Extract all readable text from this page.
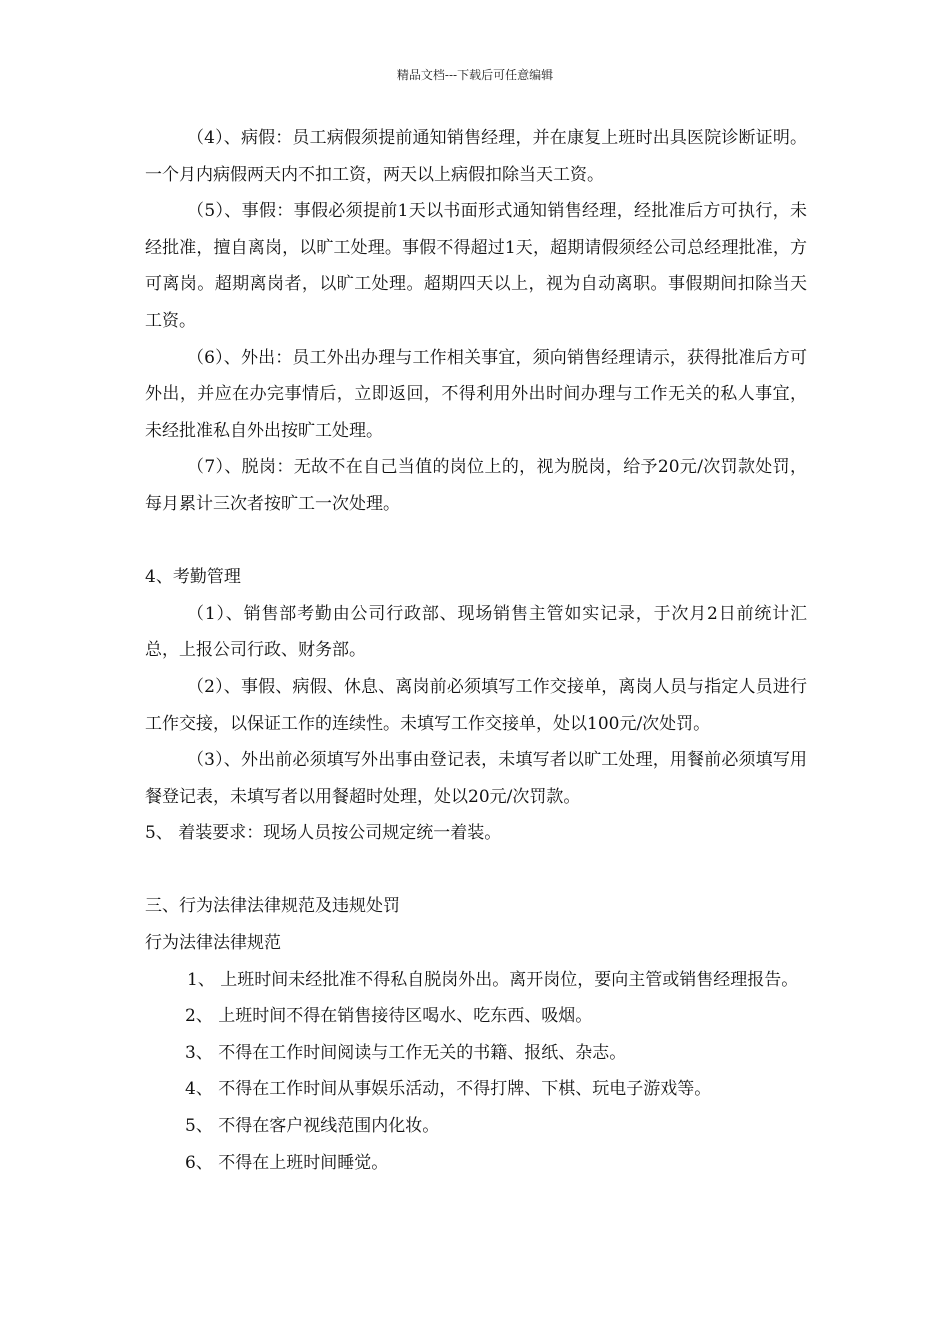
精品文档---下载后可任意编辑

（4）、病假：员工病假须提前通知销售经理，并在康复上班时出具医院诊断证明。一个月内病假两天内不扣工资，两天以上病假扣除当天工资。

（5）、事假：事假必须提前1天以书面形式通知销售经理，经批准后方可执行，未经批准，擅自离岗，以旷工处理。事假不得超过1天，超期请假须经公司总经理批准，方可离岗。超期离岗者，以旷工处理。超期四天以上，视为自动离职。事假期间扣除当天工资。

（6）、外出：员工外出办理与工作相关事宜，须向销售经理请示，获得批准后方可外出，并应在办完事情后，立即返回，不得利用外出时间办理与工作无关的私人事宜，未经批准私自外出按旷工处理。

（7）、脱岗：无故不在自己当值的岗位上的，视为脱岗，给予20元/次罚款处罚，每月累计三次者按旷工一次处理。

4、考勤管理

（1）、销售部考勤由公司行政部、现场销售主管如实记录，于次月2日前统计汇总，上报公司行政、财务部。

（2）、事假、病假、休息、离岗前必须填写工作交接单，离岗人员与指定人员进行工作交接，以保证工作的连续性。未填写工作交接单，处以100元/次处罚。

（3）、外出前必须填写外出事由登记表，未填写者以旷工处理，用餐前必须填写用餐登记表，未填写者以用餐超时处理，处以20元/次罚款。

5、 着装要求：现场人员按公司规定统一着装。

三、行为法律法律规范及违规处罚

行为法律法律规范

1、 上班时间未经批准不得私自脱岗外出。离开岗位，要向主管或销售经理报告。

2、 上班时间不得在销售接待区喝水、吃东西、吸烟。

3、 不得在工作时间阅读与工作无关的书籍、报纸、杂志。

4、 不得在工作时间从事娱乐活动，不得打牌、下棋、玩电子游戏等。

5、 不得在客户视线范围内化妆。

6、 不得在上班时间睡觉。
